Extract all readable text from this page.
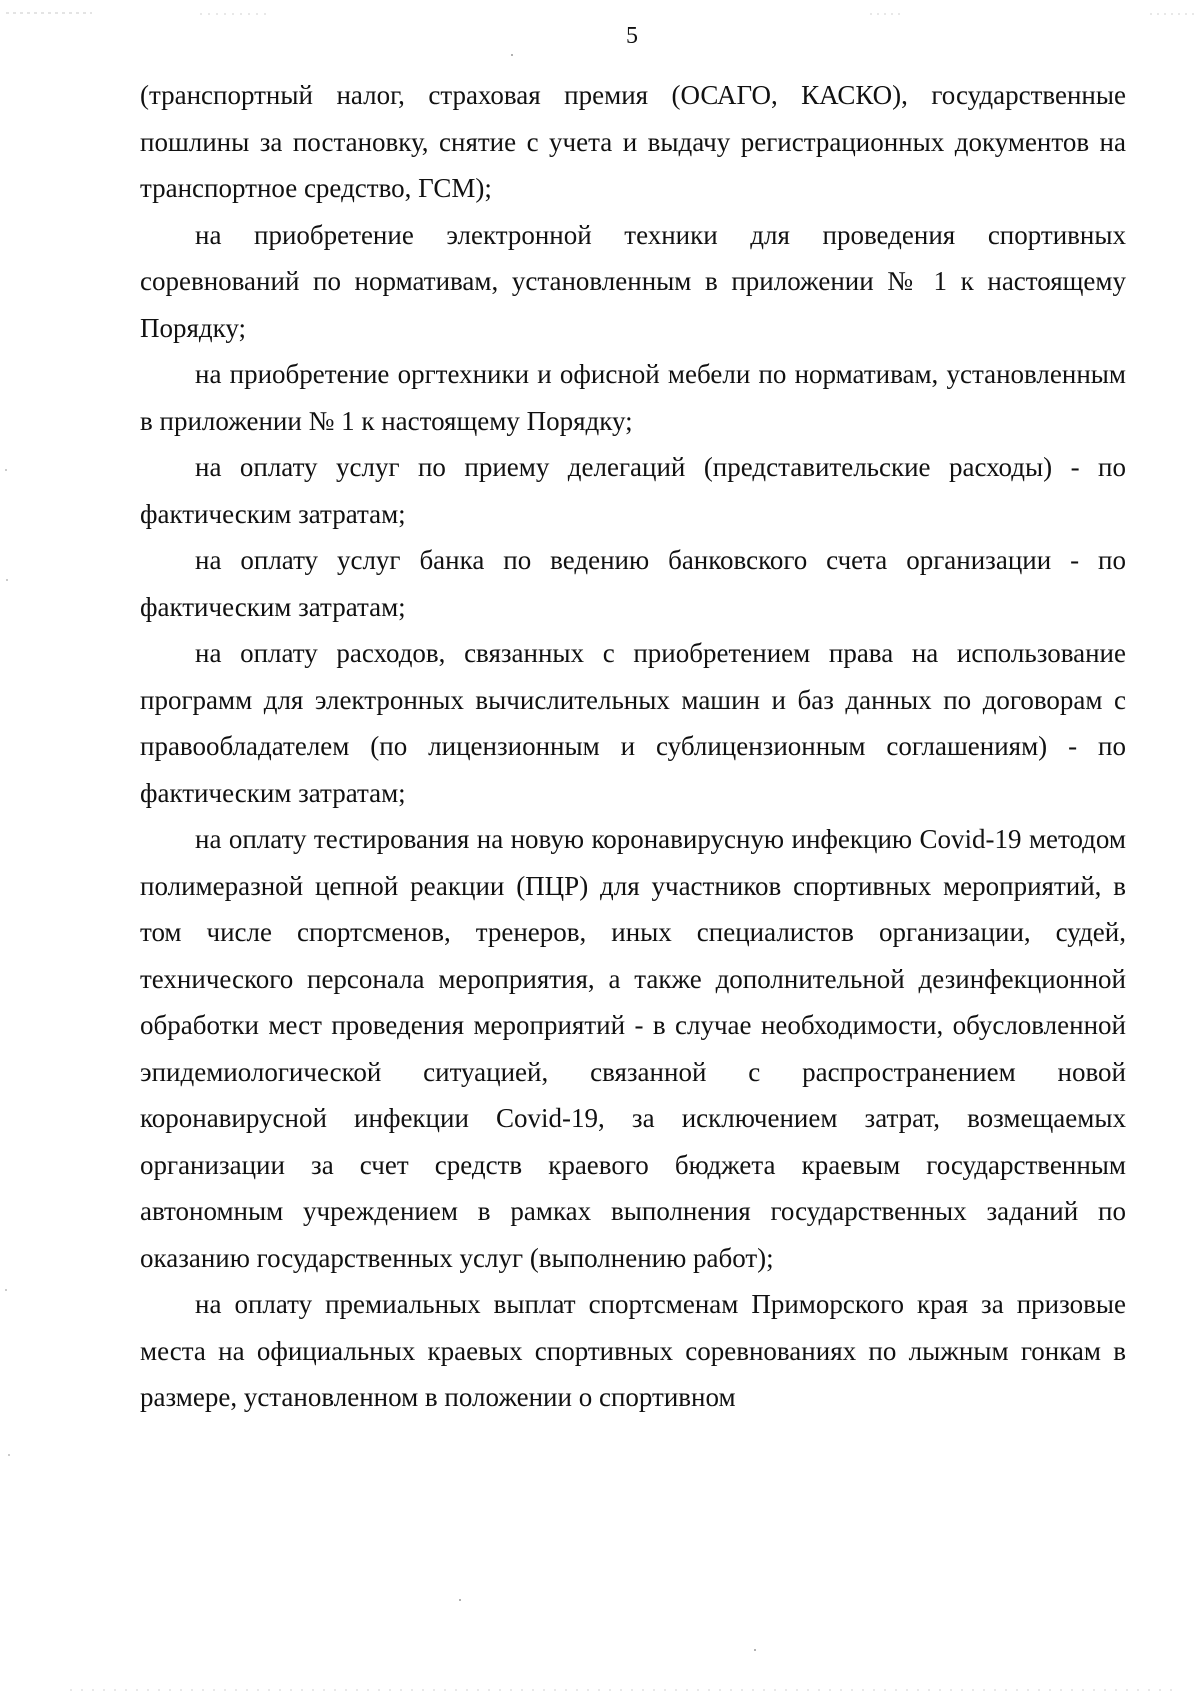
5

(транспортный налог, страховая премия (ОСАГО, КАСКО), государственные пошлины за постановку, снятие с учета и выдачу регистрационных документов на транспортное средство, ГСМ);

на приобретение электронной техники для проведения спортивных соревнований по нормативам, установленным в приложении № 1 к настоящему Порядку;

на приобретение оргтехники и офисной мебели по нормативам, установленным в приложении № 1 к настоящему Порядку;

на оплату услуг по приему делегаций (представительские расходы) - по фактическим затратам;

на оплату услуг банка по ведению банковского счета организации - по фактическим затратам;

на оплату расходов, связанных с приобретением права на использование программ для электронных вычислительных машин и баз данных по договорам с правообладателем (по лицензионным и сублицензионным соглашениям) - по фактическим затратам;

на оплату тестирования на новую коронавирусную инфекцию Covid-19 методом полимеразной цепной реакции (ПЦР) для участников спортивных мероприятий, в том числе спортсменов, тренеров, иных специалистов организации, судей, технического персонала мероприятия, а также дополнительной дезинфекционной обработки мест проведения мероприятий - в случае необходимости, обусловленной эпидемиологической ситуацией, связанной с распространением новой коронавирусной инфекции Covid-19, за исключением затрат, возмещаемых организации за счет средств краевого бюджета краевым государственным автономным учреждением в рамках выполнения государственных заданий по оказанию государственных услуг (выполнению работ);

на оплату премиальных выплат спортсменам Приморского края за призовые места на официальных краевых спортивных соревнованиях по лыжным гонкам в размере, установленном в положении о спортивном
